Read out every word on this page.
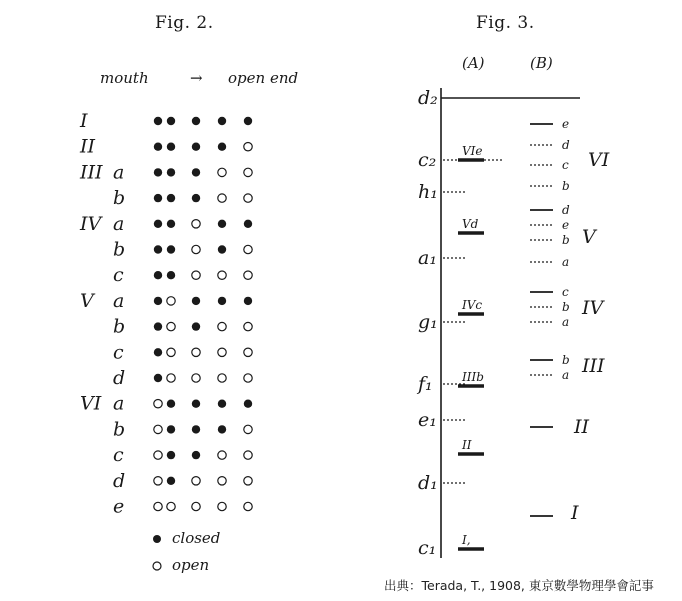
Fig. 2.
mouth	→ open end
I
II
III a
b
IV a
b
c
V a
b
c
d
VI a
b
c
d
e
closed
open
Fig. 3.
(A)	(B)
d₂
c₂
h₁
a₁
g₁
f₁
e₁
d₁
c₁
VIe
Vd
IVc
IIIb
II
I,
e
d
c
b
d
e
b
a
c
b
a
b
a
VI
V
IV
III
II
I
出典：Terada, T., 1908, 東京數學物理學會記事
